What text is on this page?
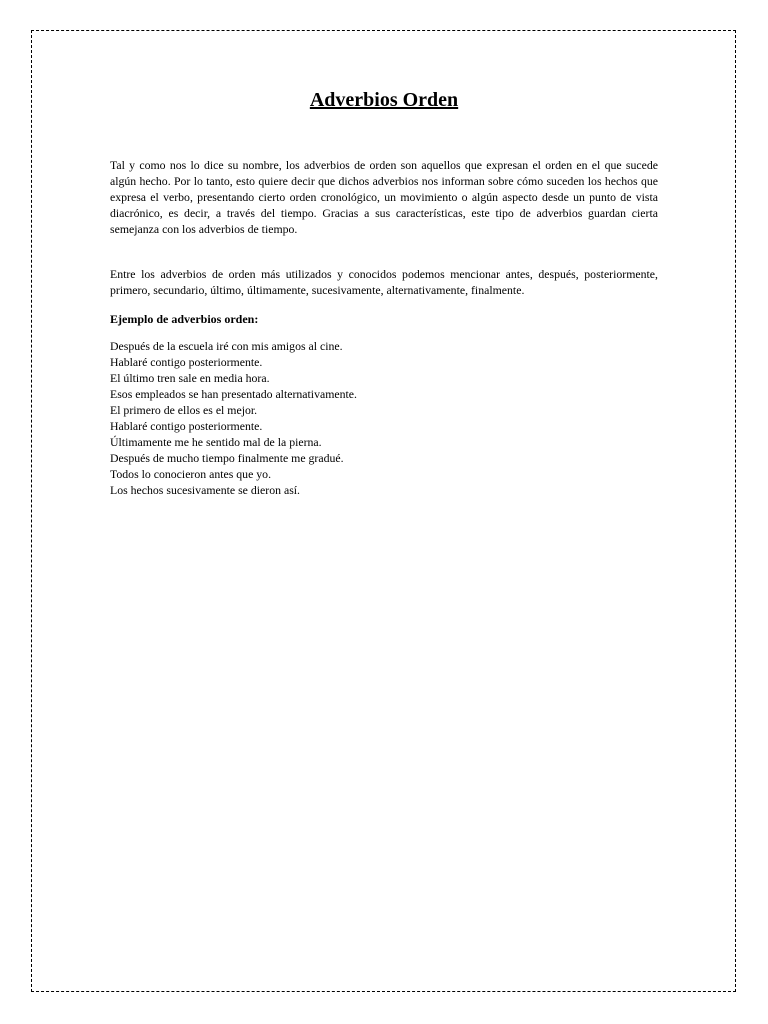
Adverbios Orden

Tal y como nos lo dice su nombre, los adverbios de orden son aquellos que expresan el orden en el que sucede algún hecho. Por lo tanto, esto quiere decir que dichos adverbios nos informan sobre cómo suceden los hechos que expresa el verbo, presentando cierto orden cronológico, un movimiento o algún aspecto desde un punto de vista diacrónico, es decir, a través del tiempo. Gracias a sus características, este tipo de adverbios guardan cierta semejanza con los adverbios de tiempo.

Entre los adverbios de orden más utilizados y conocidos podemos mencionar antes, después, posteriormente, primero, secundario, último, últimamente, sucesivamente, alternativamente, finalmente.

Ejemplo de adverbios orden:

Después de la escuela iré con mis amigos al cine.
Hablaré contigo posteriormente.
El último tren sale en media hora.
Esos empleados se han presentado alternativamente.
El primero de ellos es el mejor.
Hablaré contigo posteriormente.
Últimamente me he sentido mal de la pierna.
Después de mucho tiempo finalmente me gradué.
Todos lo conocieron antes que yo.
Los hechos sucesivamente se dieron así.
